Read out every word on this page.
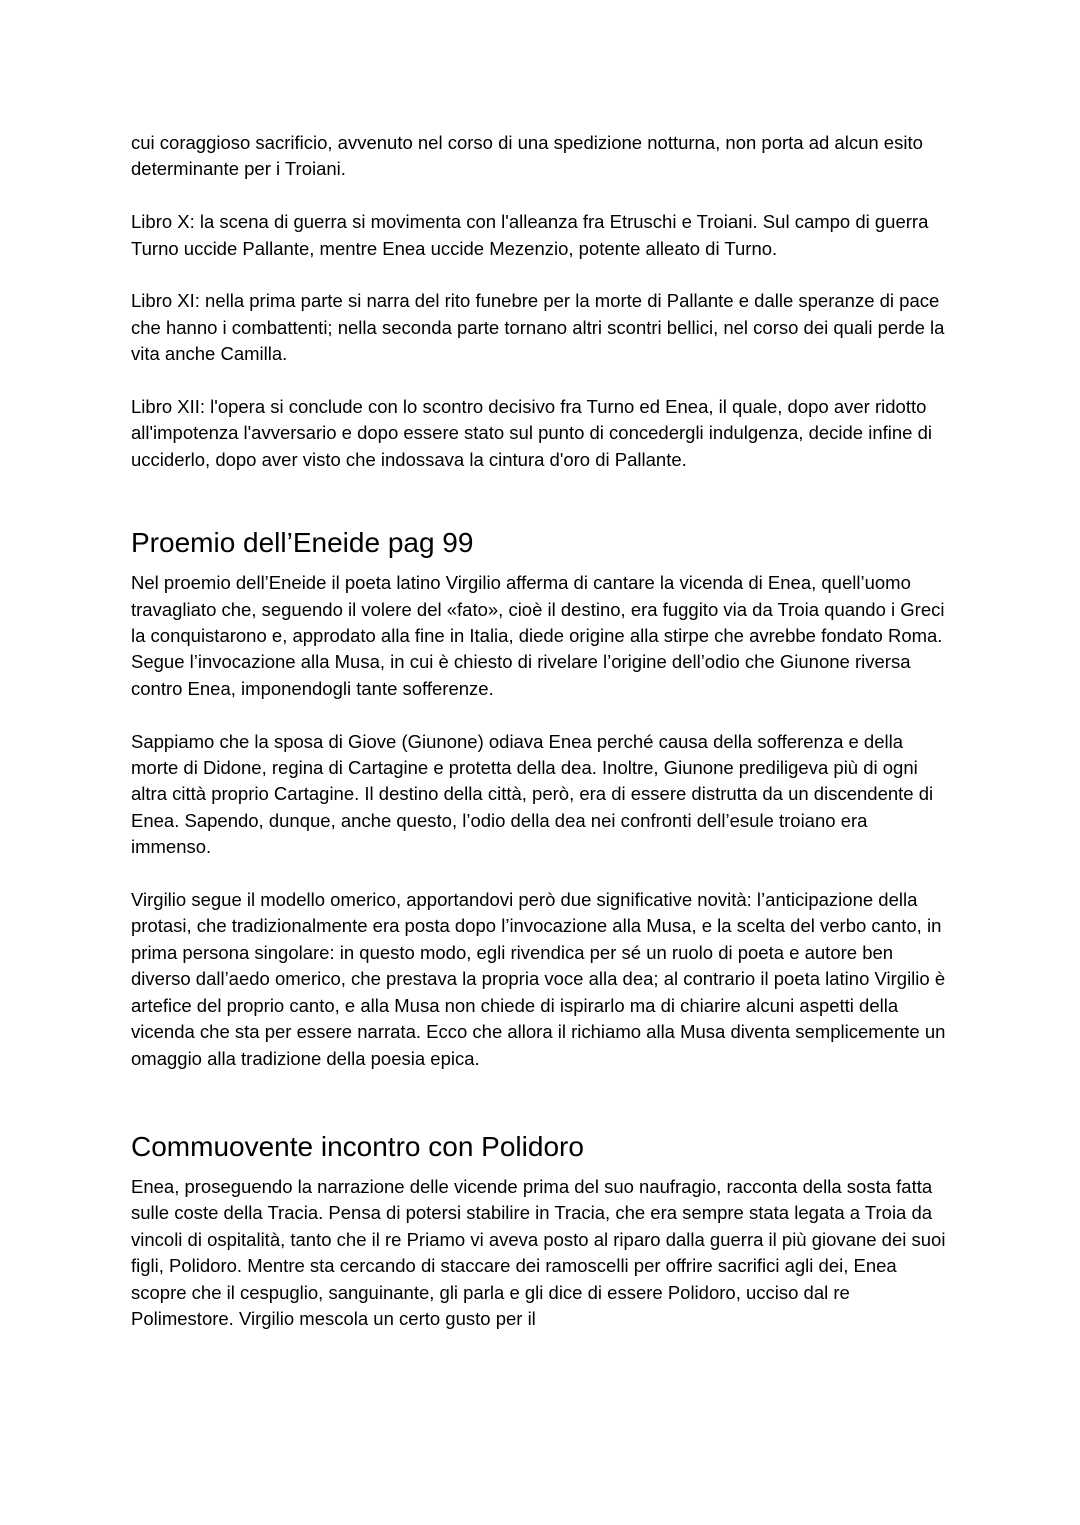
cui coraggioso sacrificio, avvenuto nel corso di una spedizione notturna, non porta ad alcun esito determinante per i Troiani.

Libro X: la scena di guerra si movimenta con l'alleanza fra Etruschi e Troiani. Sul campo di guerra Turno uccide Pallante, mentre Enea uccide Mezenzio, potente alleato di Turno.

Libro XI: nella prima parte si narra del rito funebre per la morte di Pallante e dalle speranze di pace che hanno i combattenti; nella seconda parte tornano altri scontri bellici, nel corso dei quali perde la vita anche Camilla.

Libro XII: l'opera si conclude con lo scontro decisivo fra Turno ed Enea, il quale, dopo aver ridotto all'impotenza l'avversario e dopo essere stato sul punto di concedergli indulgenza, decide infine di ucciderlo, dopo aver visto che indossava la cintura d'oro di Pallante.

Proemio dell’Eneide pag 99

Nel proemio dell’Eneide il poeta latino Virgilio afferma di cantare la vicenda di Enea, quell’uomo travagliato che, seguendo il volere del «fato», cioè il destino, era fuggito via da Troia quando i Greci la conquistarono e, approdato alla fine in Italia, diede origine alla stirpe che avrebbe fondato Roma. Segue l’invocazione alla Musa, in cui è chiesto di rivelare l’origine dell’odio che Giunone riversa contro Enea, imponendogli tante sofferenze.

Sappiamo che la sposa di Giove (Giunone) odiava Enea perché causa della sofferenza e della morte di Didone, regina di Cartagine e protetta della dea. Inoltre, Giunone prediligeva più di ogni altra città proprio Cartagine. Il destino della città, però, era di essere distrutta da un discendente di Enea. Sapendo, dunque, anche questo, l’odio della dea nei confronti dell’esule troiano era immenso.

Virgilio segue il modello omerico, apportandovi però due significative novità: l’anticipazione della protasi, che tradizionalmente era posta dopo l’invocazione alla Musa, e la scelta del verbo canto, in prima persona singolare: in questo modo, egli rivendica per sé un ruolo di poeta e autore ben diverso dall’aedo omerico, che prestava la propria voce alla dea; al contrario il poeta latino Virgilio è artefice del proprio canto, e alla Musa non chiede di ispirarlo ma di chiarire alcuni aspetti della vicenda che sta per essere narrata. Ecco che allora il richiamo alla Musa diventa semplicemente un omaggio alla tradizione della poesia epica.

Commuovente incontro con Polidoro

Enea, proseguendo la narrazione delle vicende prima del suo naufragio, racconta della sosta fatta sulle coste della Tracia. Pensa di potersi stabilire in Tracia, che era sempre stata legata a Troia da vincoli di ospitalità, tanto che il re Priamo vi aveva posto al riparo dalla guerra il più giovane dei suoi figli, Polidoro. Mentre sta cercando di staccare dei ramoscelli per offrire sacrifici agli dei, Enea scopre che il cespuglio, sanguinante, gli parla e gli dice di essere Polidoro, ucciso dal re Polimestore. Virgilio mescola un certo gusto per il
